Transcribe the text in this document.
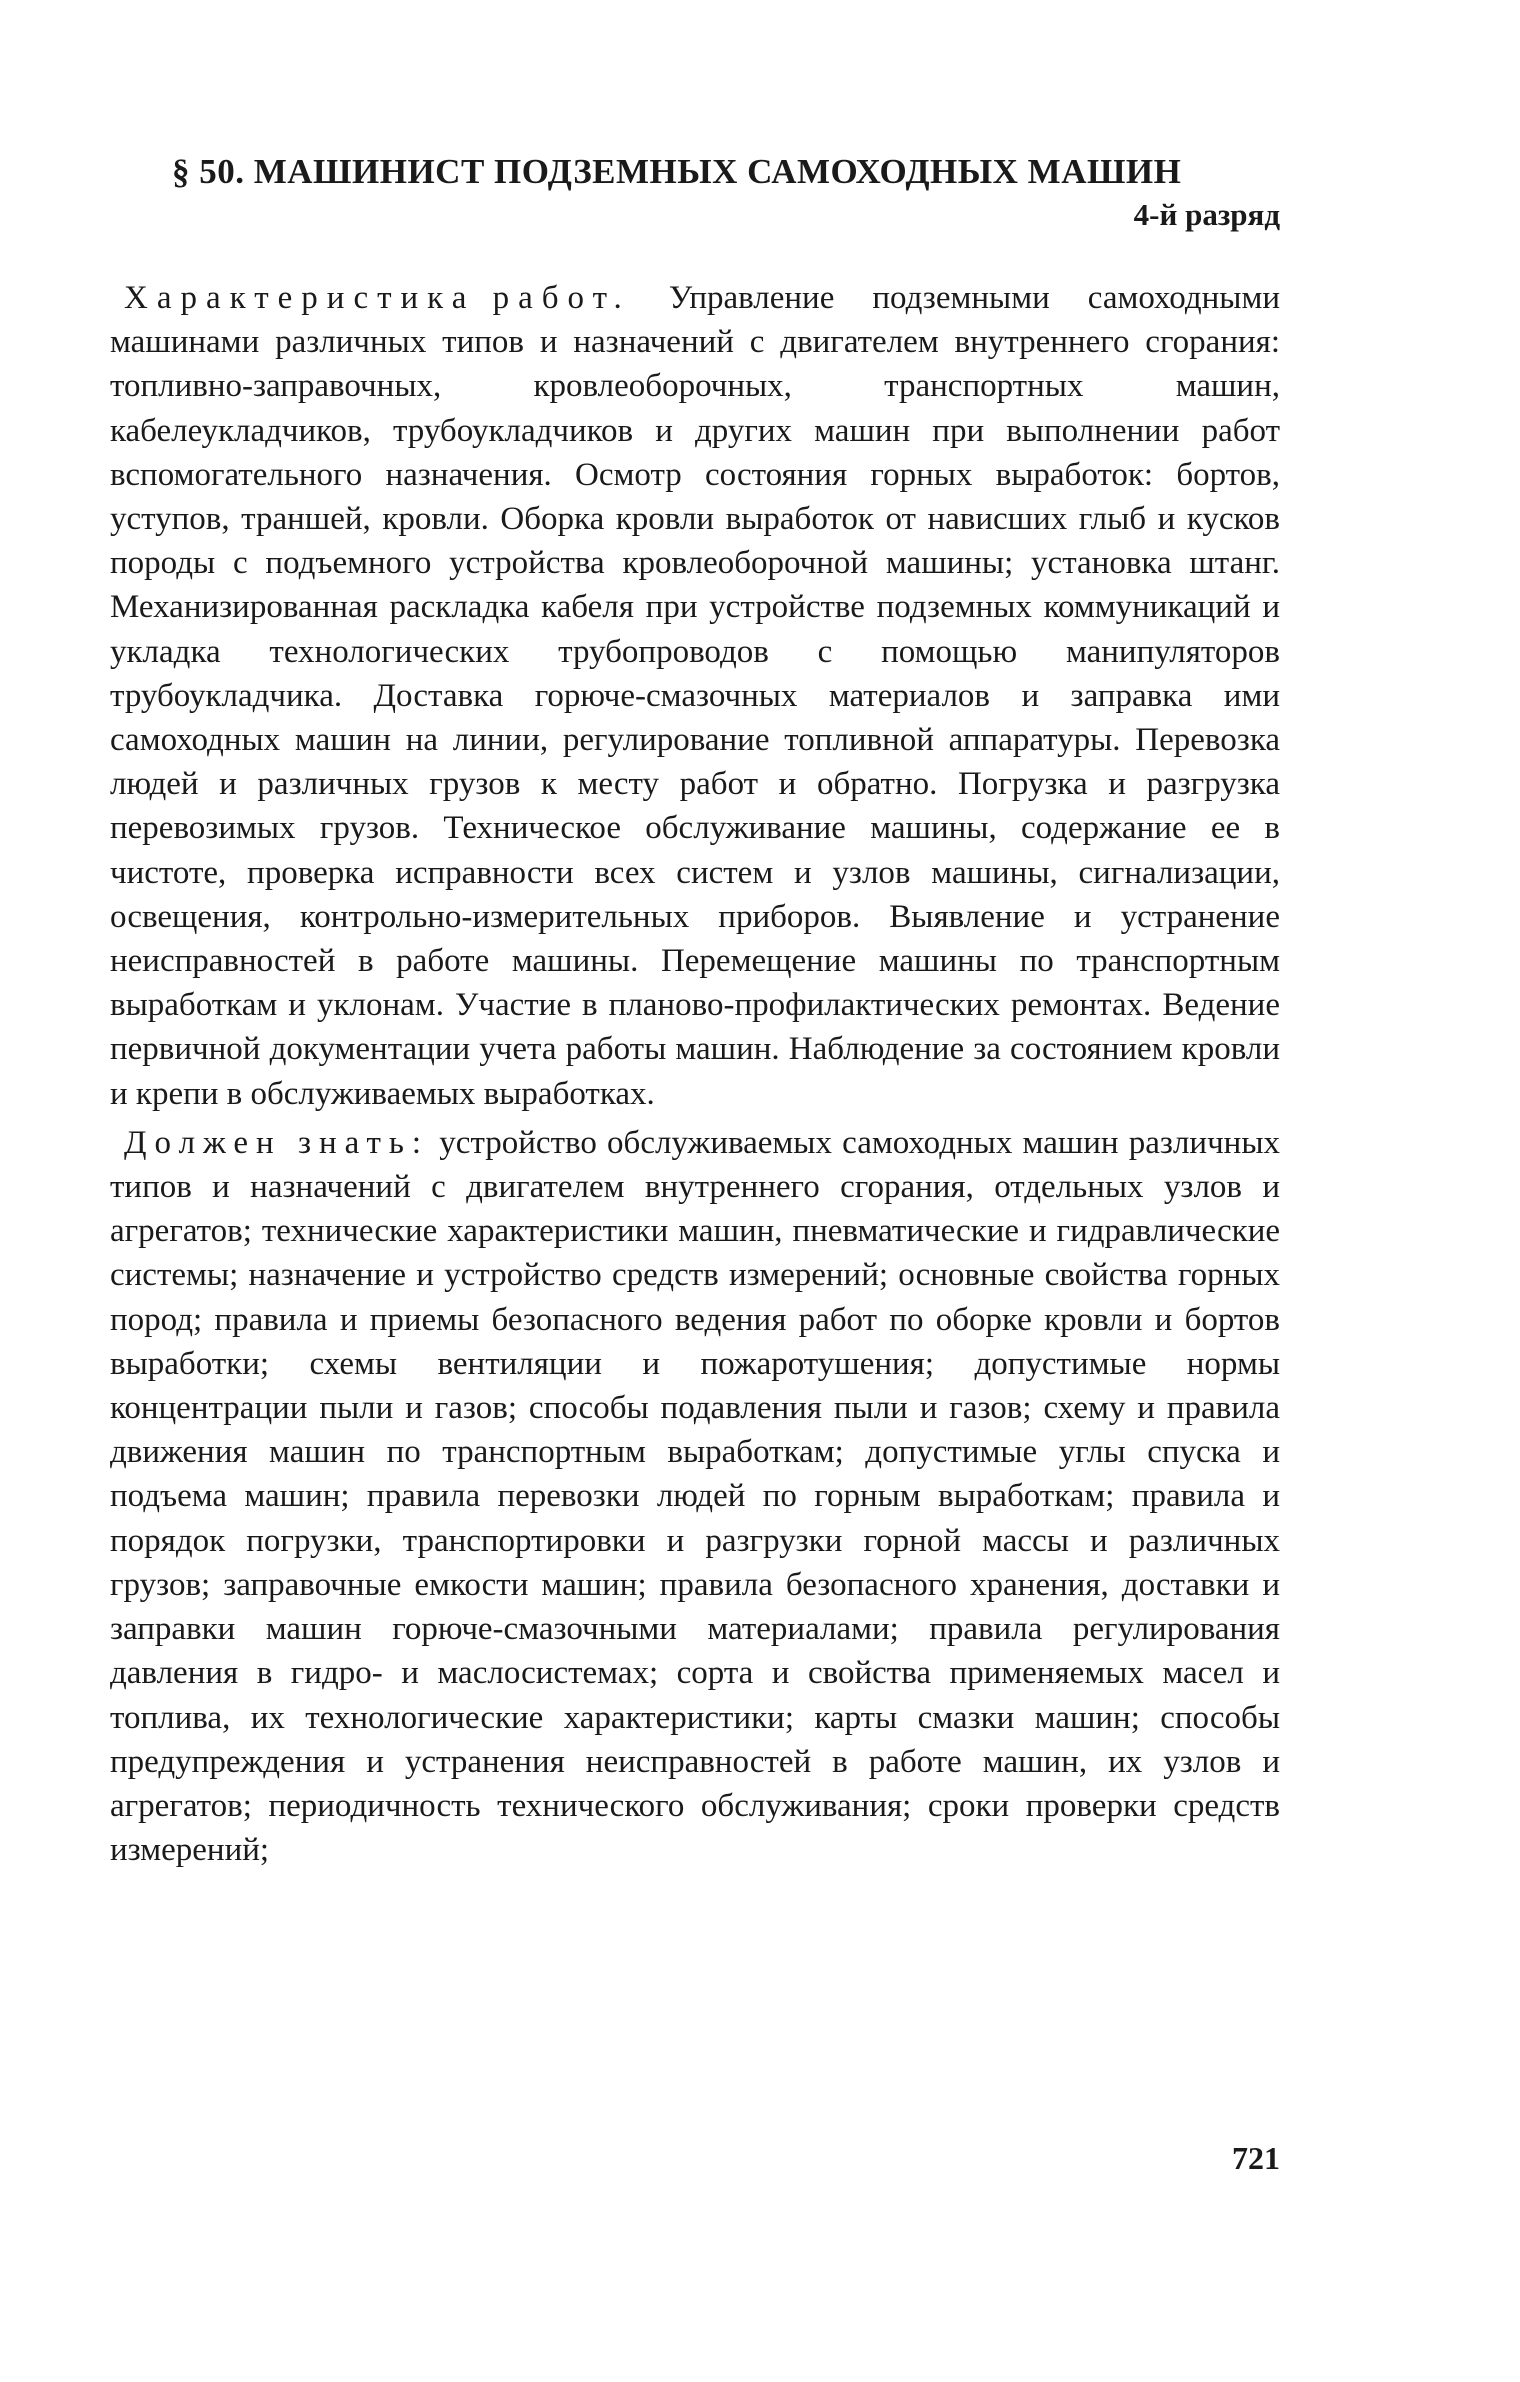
§ 50. МАШИНИСТ ПОДЗЕМНЫХ САМОХОДНЫХ МАШИН

4-й разряд

Характеристика работ. Управление подземными самоходными машинами различных типов и назначений с двигателем внутреннего сгорания: топливно-заправочных, кровлеоборочных, транспортных машин, кабелеукладчиков, трубоукладчиков и других машин при выполнении работ вспомогательного назначения. Осмотр состояния горных выработок: бортов, уступов, траншей, кровли. Оборка кровли выработок от нависших глыб и кусков породы с подъемного устройства кровлеоборочной машины; установка штанг. Механизированная раскладка кабеля при устройстве подземных коммуникаций и укладка технологических трубопроводов с помощью манипуляторов трубоукладчика. Доставка горюче-смазочных материалов и заправка ими самоходных машин на линии, регулирование топливной аппаратуры. Перевозка людей и различных грузов к месту работ и обратно. Погрузка и разгрузка перевозимых грузов. Техническое обслуживание машины, содержание ее в чистоте, проверка исправности всех систем и узлов машины, сигнализации, освещения, контрольно-измерительных приборов. Выявление и устранение неисправностей в работе машины. Перемещение машины по транспортным выработкам и уклонам. Участие в планово-профилактических ремонтах. Ведение первичной документации учета работы машин. Наблюдение за состоянием кровли и крепи в обслуживаемых выработках.

Должен знать: устройство обслуживаемых самоходных машин различных типов и назначений с двигателем внутреннего сгорания, отдельных узлов и агрегатов; технические характеристики машин, пневматические и гидравлические системы; назначение и устройство средств измерений; основные свойства горных пород; правила и приемы безопасного ведения работ по оборке кровли и бортов выработки; схемы вентиляции и пожаротушения; допустимые нормы концентрации пыли и газов; способы подавления пыли и газов; схему и правила движения машин по транспортным выработкам; допустимые углы спуска и подъема машин; правила перевозки людей по горным выработкам; правила и порядок погрузки, транспортировки и разгрузки горной массы и различных грузов; заправочные емкости машин; правила безопасного хранения, доставки и заправки машин горюче-смазочными материалами; правила регулирования давления в гидро- и маслосистемах; сорта и свойства применяемых масел и топлива, их технологические характеристики; карты смазки машин; способы предупреждения и устранения неисправностей в работе машин, их узлов и агрегатов; периодичность технического обслуживания; сроки проверки средств измерений;

721
